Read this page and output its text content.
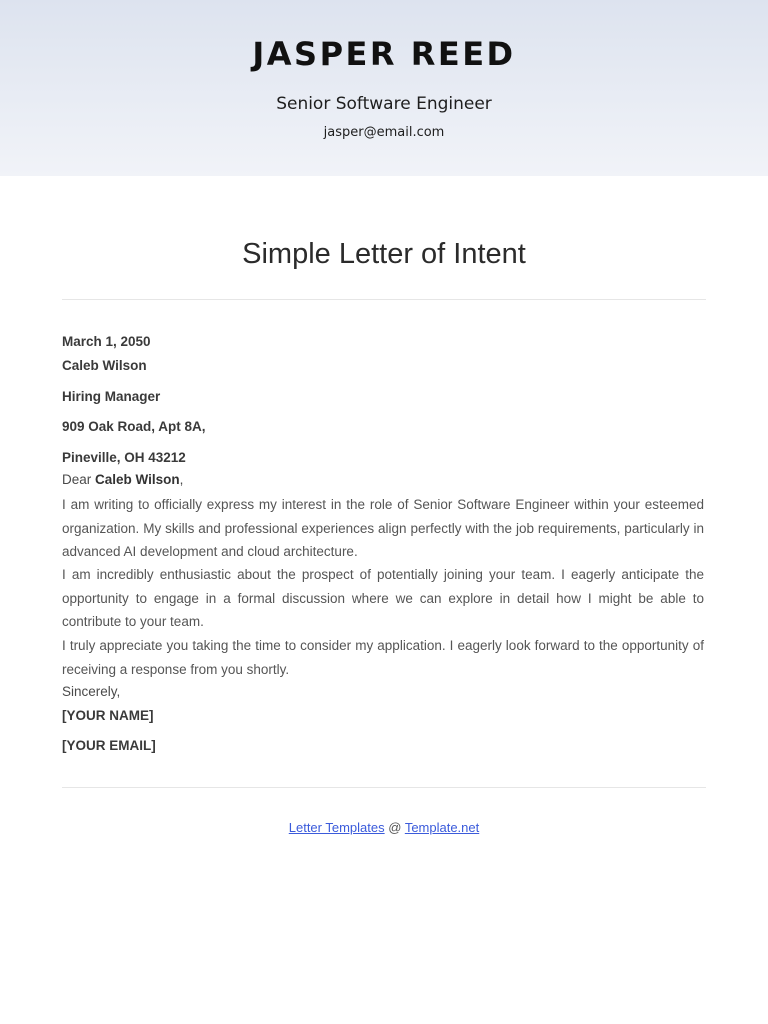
JASPER REED
Senior Software Engineer
jasper@email.com
Simple Letter of Intent
March 1, 2050
Caleb Wilson
Hiring Manager
909 Oak Road, Apt 8A,
Pineville, OH 43212
Dear Caleb Wilson,
I am writing to officially express my interest in the role of Senior Software Engineer within your esteemed organization. My skills and professional experiences align perfectly with the job requirements, particularly in advanced AI development and cloud architecture.
I am incredibly enthusiastic about the prospect of potentially joining your team. I eagerly anticipate the opportunity to engage in a formal discussion where we can explore in detail how I might be able to contribute to your team.
I truly appreciate you taking the time to consider my application. I eagerly look forward to the opportunity of receiving a response from you shortly.
Sincerely,
[YOUR NAME]
[YOUR EMAIL]
Letter Templates @ Template.net
